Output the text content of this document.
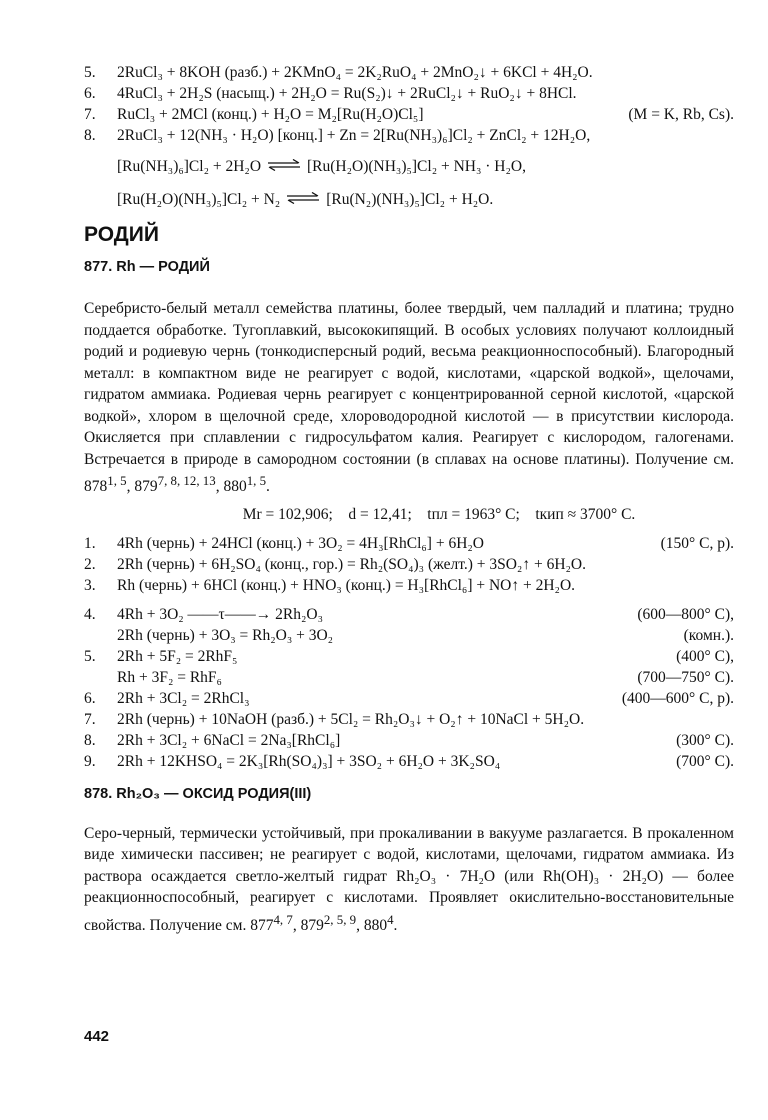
5.	2RuCl₃ + 8KOH (разб.) + 2KMnO₄ = 2K₂RuO₄ + 2MnO₂↓ + 6KCl + 4H₂O.
6.	4RuCl₃ + 2H₂S (насыщ.) + 2H₂O = Ru(S₂)↓ + 2RuCl₂↓ + RuO₂↓ + 8HCl.
7.	RuCl₃ + 2MCl (конц.) + H₂O = M₂[Ru(H₂O)Cl₅]	(M = K, Rb, Cs).
8.	2RuCl₃ + 12(NH₃ · H₂O) [конц.] + Zn = 2[Ru(NH₃)₆]Cl₂ + ZnCl₂ + 12H₂O,
[Ru(NH₃)₆]Cl₂ + 2H₂O ⇌ [Ru(H₂O)(NH₃)₅]Cl₂ + NH₃ · H₂O,
[Ru(H₂O)(NH₃)₅]Cl₂ + N₂ ⇌ [Ru(N₂)(NH₃)₅]Cl₂ + H₂O.
РОДИЙ
877. Rh — РОДИЙ

Серебристо-белый металл семейства платины, более твердый, чем палладий и платина; трудно поддается обработке. Тугоплавкий, высококипящий. В особых условиях получают коллоидный родий и родиевую чернь (тонкодисперсный родий, весьма реакционноспособный). Благородный металл: в компактном виде не реагирует с водой, кислотами, «царской водкой», щелочами, гидратом аммиака. Родиевая чернь реагирует с концентрированной серной кислотой, «царской водкой», хлором в щелочной среде, хлороводородной кислотой — в присутствии кислорода. Окисляется при сплавлении с гидросульфатом калия. Реагирует с кислородом, галогенами. Встречается в природе в самородном состоянии (в сплавах на основе платины). Получение см. 878$^{1, 5}$, 879$^{7, 8, 12, 13}$, 880$^{1, 5}$.

Mr = 102,906; d = 12,41; tпл = 1963° C; tкип ≈ 3700° C.
1.	4Rh (чернь) + 24HCl (конц.) + 3O₂ = 4H₃[RhCl₆] + 6H₂O	(150° C, p).
2.	2Rh (чернь) + 6H₂SO₄ (конц., гор.) = Rh₂(SO₄)₃ (желт.) + 3SO₂↑ + 6H₂O.
3.	Rh (чернь) + 6HCl (конц.) + HNO₃ (конц.) = H₃[RhCl₆] + NO↑ + 2H₂O.
4.	4Rh + 3O₂ ——τ——→ 2Rh₂O₃	(600—800° C),
2Rh (чернь) + 3O₃ = Rh₂O₃ + 3O₂	(комн.).
5.	2Rh + 5F₂ = 2RhF₅	(400° C),
Rh + 3F₂ = RhF₆	(700—750° C).
6.	2Rh + 3Cl₂ = 2RhCl₃	(400—600° C, p).
7.	2Rh (чернь) + 10NaOH (разб.) + 5Cl₂ = Rh₂O₃↓ + O₂↑ + 10NaCl + 5H₂O.
8.	2Rh + 3Cl₂ + 6NaCl = 2Na₃[RhCl₆]	(300° C).
9.	2Rh + 12KHSO₄ = 2K₃[Rh(SO₄)₃] + 3SO₂ + 6H₂O + 3K₂SO₄	(700° C).
878. Rh₂O₃ — ОКСИД РОДИЯ(III)

Серо-черный, термически устойчивый, при прокаливании в вакууме разлагается. В прокаленном виде химически пассивен; не реагирует с водой, кислотами, щелочами, гидратом аммиака. Из раствора осаждается светло-желтый гидрат Rh₂O₃ · 7H₂O (или Rh(OH)₃ · 2H₂O) — более реакционноспособный, реагирует с кислотами. Проявляет окислительно-восстановительные свойства. Получение см. 877$^{4, 7}$, 879$^{2, 5, 9}$, $880^4$.

442
